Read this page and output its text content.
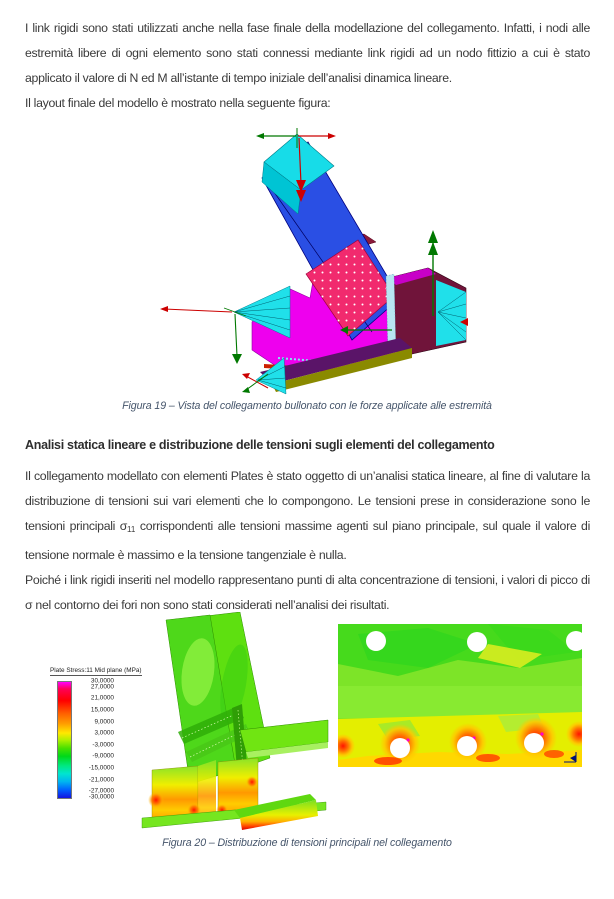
I link rigidi sono stati utilizzati anche nella fase finale della modellazione del collegamento. Infatti, i nodi alle estremità libere di ogni elemento sono stati connessi mediante link rigidi ad un nodo fittizio a cui è stato applicato il valore di N ed M all’istante di tempo iniziale dell’analisi dinamica lineare.

Il layout finale del modello è mostrato nella seguente figura:

Figura 19 – Vista del collegamento bullonato con le forze applicate alle estremità
Analisi statica lineare e distribuzione delle tensioni sugli elementi del collegamento

Il collegamento modellato con elementi Plates è stato oggetto di un’analisi statica lineare, al fine di valutare la distribuzione di tensioni sui vari elementi che lo compongono. Le tensioni prese in considerazione sono le tensioni principali $\sigma_{11}$ corrispondenti alle tensioni massime agenti sul piano principale, sul quale il valore di tensione normale è massimo e la tensione tangenziale è nulla.

Poiché i link rigidi inseriti nel modello rappresentano punti di alta concentrazione di tensioni, i valori di picco di σ nel contorno dei fori non sono stati considerati nell’analisi dei risultati.

Plate Stress:11 Mid plane (MPa)
30,0000
27,0000
21,0000
15,0000
9,0000
3,0000
-3,0000
-9,0000
-15,0000
-21,0000
-27,0000
-30,0000
Figura 20 – Distribuzione di tensioni principali nel collegamento
